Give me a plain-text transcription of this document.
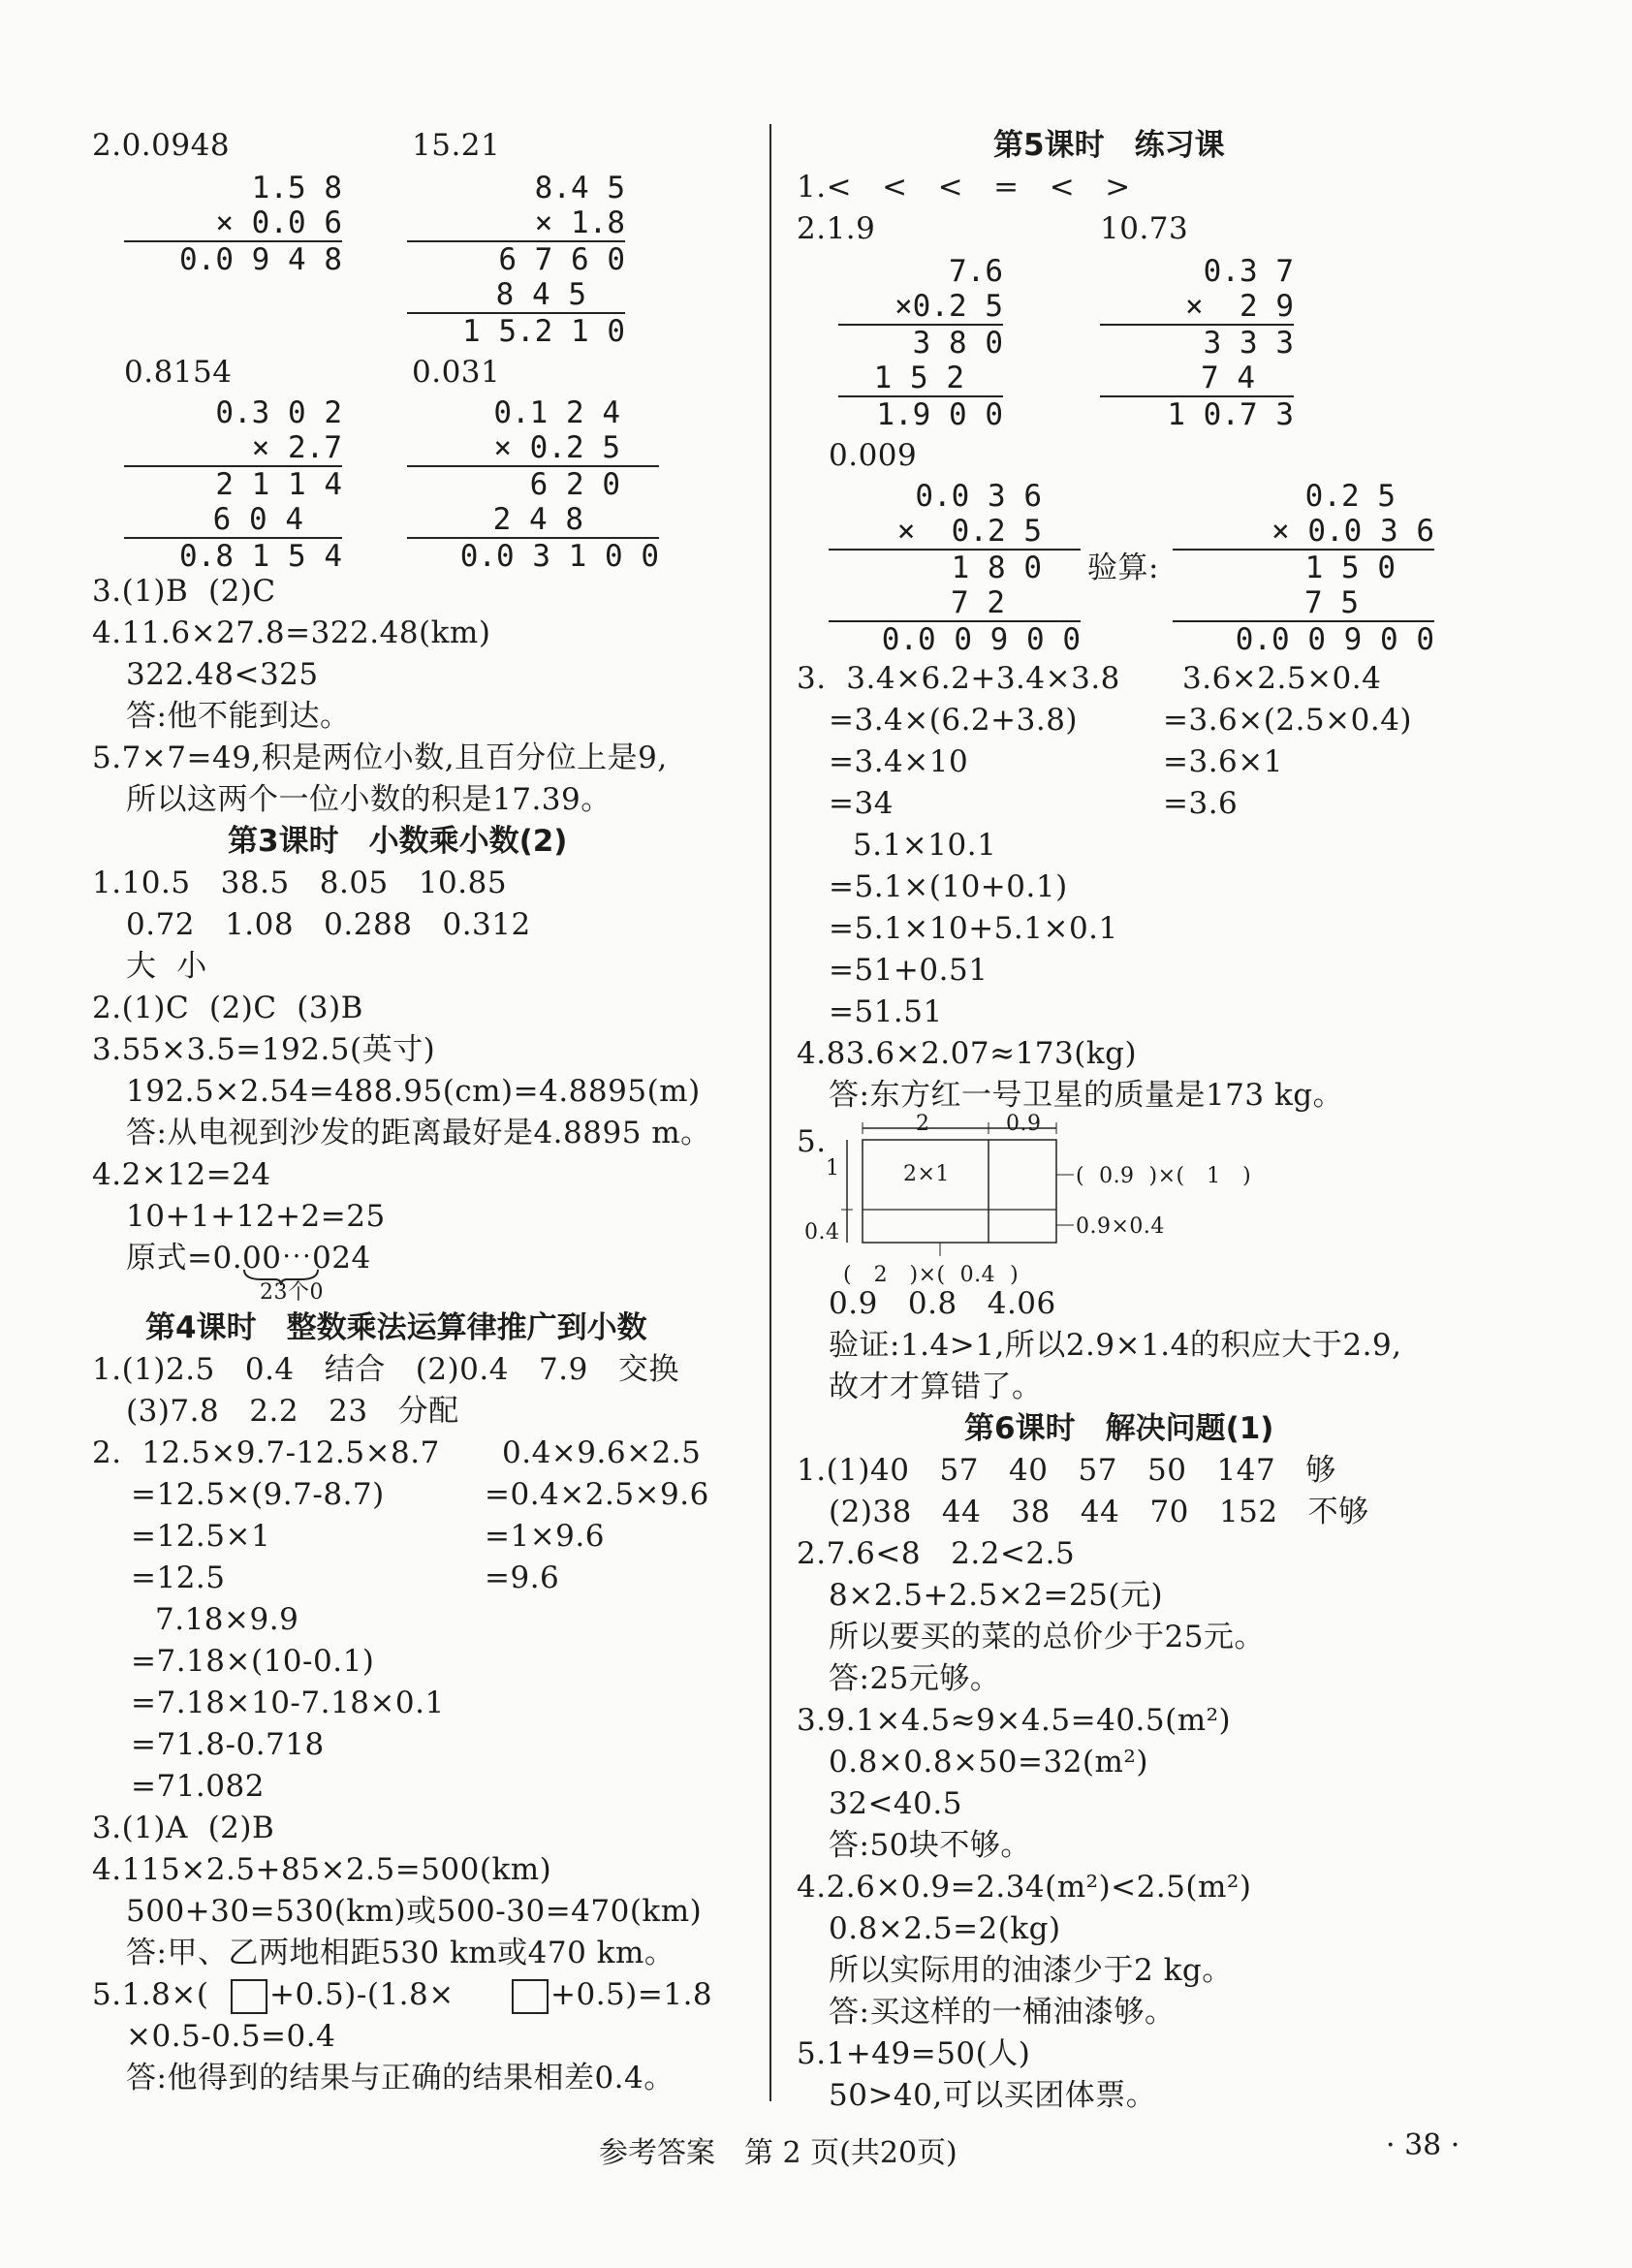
2.0.0948	15.21
1.5 8
× 0.0 6
0.0 9 4 8
8.4 5
× 1.8
6 7 6 0
8 4 5
1 5.2 1 0
0.8154	0.031
0.3 0 2
× 2.7
2 1 1 4
6 0 4
0.8 1 5 4
0.1 2 4
× 0.2 5
6 2 0
2 4 8
0.0 3 1 0 0
3.(1)B  (2)C
4.11.6×27.8=322.48(km)
322.48<325
答:他不能到达。
5.7×7=49,积是两位小数,且百分位上是9,
所以这两个一位小数的积是17.39。
第3课时　小数乘小数(2)
1.10.5   38.5   8.05   10.85
0.72   1.08   0.288   0.312
大  小
2.(1)C  (2)C  (3)B
3.55×3.5=192.5(英寸)
192.5×2.54=488.95(cm)=4.8895(m)
答:从电视到沙发的距离最好是4.8895 m。
4.2×12=24
10+1+12+2=25
原式=0.00⋯024
23个0
第4课时　整数乘法运算律推广到小数
1.(1)2.5   0.4   结合   (2)0.4   7.9   交换
(3)7.8   2.2   23   分配
2.  12.5×9.7-12.5×8.7
=12.5×(9.7-8.7)
=12.5×1
=12.5
0.4×9.6×2.5
=0.4×2.5×9.6
=1×9.6
=9.6
7.18×9.9
=7.18×(10-0.1)
=7.18×10-7.18×0.1
=71.8-0.718
=71.082
3.(1)A  (2)B
4.115×2.5+85×2.5=500(km)
500+30=530(km)或500-30=470(km)
答:甲、乙两地相距530 km或470 km。
5.1.8×( +0.5)-(1.8×	+0.5)=1.8
×0.5-0.5=0.4
答:他得到的结果与正确的结果相差0.4。
第5课时　练习课
1.<   <   <   =   <   >
2.1.9	10.73
7.6
×0.2 5
3 8 0
1 5 2
1.9 0 0
0.3 7
×  2 9
3 3 3
7 4
1 0.7 3
0.009
0.0 3 6
×  0.2 5
1 8 0
7 2
0.0 0 9 0 0
验算:
0.2 5
× 0.0 3 6
1 5 0
7 5
0.0 0 9 0 0
3.  3.4×6.2+3.4×3.8
=3.4×(6.2+3.8)
=3.4×10
=34
3.6×2.5×0.4
=3.6×(2.5×0.4)
=3.6×1
=3.6
5.1×10.1
=5.1×(10+0.1)
=5.1×10+5.1×0.1
=51+0.51
=51.51
4.83.6×2.07≈173(kg)
答:东方红一号卫星的质量是173 kg。
5.
2	0.9
2×1
1
0.4
(  0.9  )×(   1   )
0.9×0.4
(   2   )×(  0.4  )
0.9   0.8   4.06
验证:1.4>1,所以2.9×1.4的积应大于2.9,
故才才算错了。
第6课时　解决问题(1)
1.(1)40   57   40   57   50   147   够
(2)38   44   38   44   70   152   不够
2.7.6<8   2.2<2.5
8×2.5+2.5×2=25(元)
所以要买的菜的总价少于25元。
答:25元够。
3.9.1×4.5≈9×4.5=40.5(m²)
0.8×0.8×50=32(m²)
32<40.5
答:50块不够。
4.2.6×0.9=2.34(m²)<2.5(m²)
0.8×2.5=2(kg)
所以实际用的油漆少于2 kg。
答:买这样的一桶油漆够。
5.1+49=50(人)
50>40,可以买团体票。
参考答案　第 2 页(共20页)	· 38 ·
